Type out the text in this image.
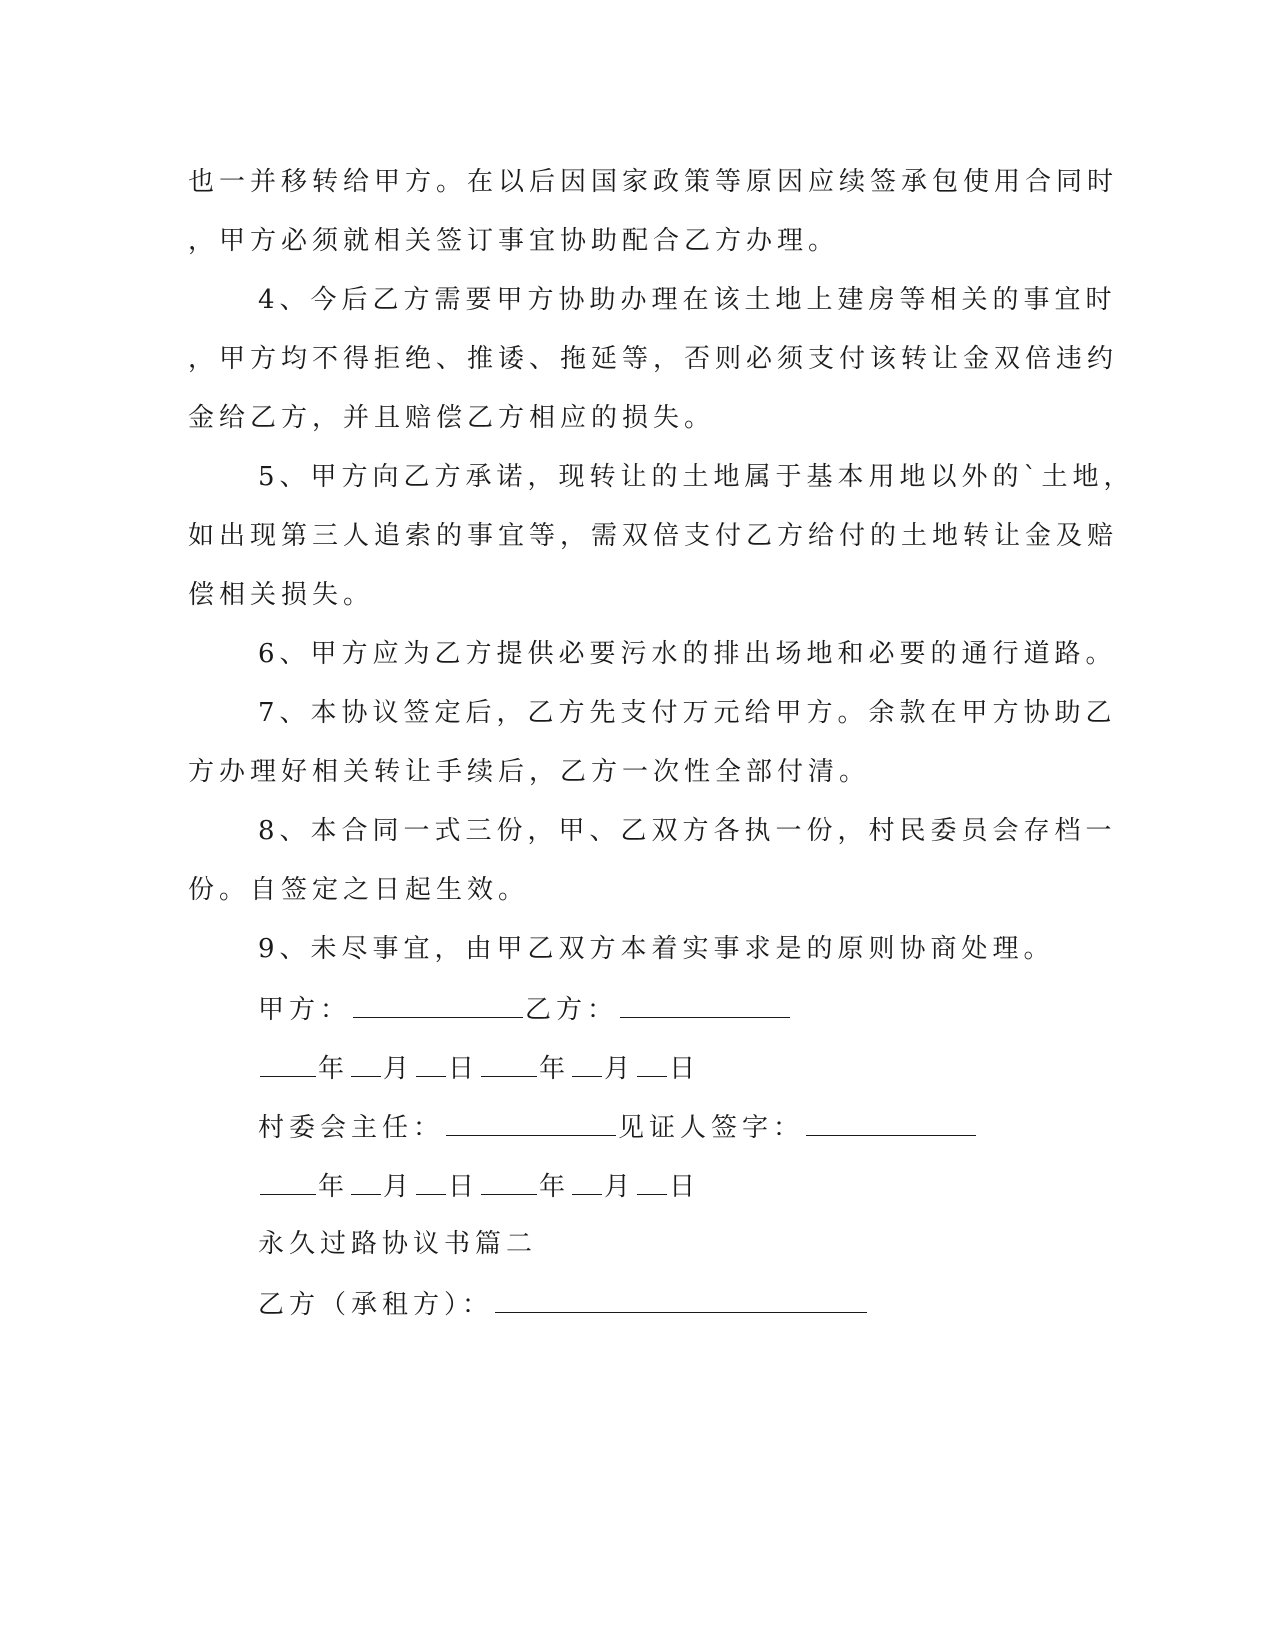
也一并移转给甲方。在以后因国家政策等原因应续签承包使用合同时
，甲方必须就相关签订事宜协助配合乙方办理。
4、今后乙方需要甲方协助办理在该土地上建房等相关的事宜时
，甲方均不得拒绝、推诿、拖延等，否则必须支付该转让金双倍违约
金给乙方，并且赔偿乙方相应的损失。
5、甲方向乙方承诺，现转让的土地属于基本用地以外的`土地，
如出现第三人追索的事宜等，需双倍支付乙方给付的土地转让金及赔
偿相关损失。
6、甲方应为乙方提供必要污水的排出场地和必要的通行道路。
7、本协议签定后，乙方先支付万元给甲方。余款在甲方协助乙
方办理好相关转让手续后，乙方一次性全部付清。
8、本合同一式三份，甲、乙双方各执一份，村民委员会存档一
份。自签定之日起生效。
9、未尽事宜，由甲乙双方本着实事求是的原则协商处理。
甲方：	乙方：
年 月 日 年 月 日
村委会主任：	见证人签字：
年 月 日 年 月 日
永久过路协议书篇二
乙方（承租方）：
